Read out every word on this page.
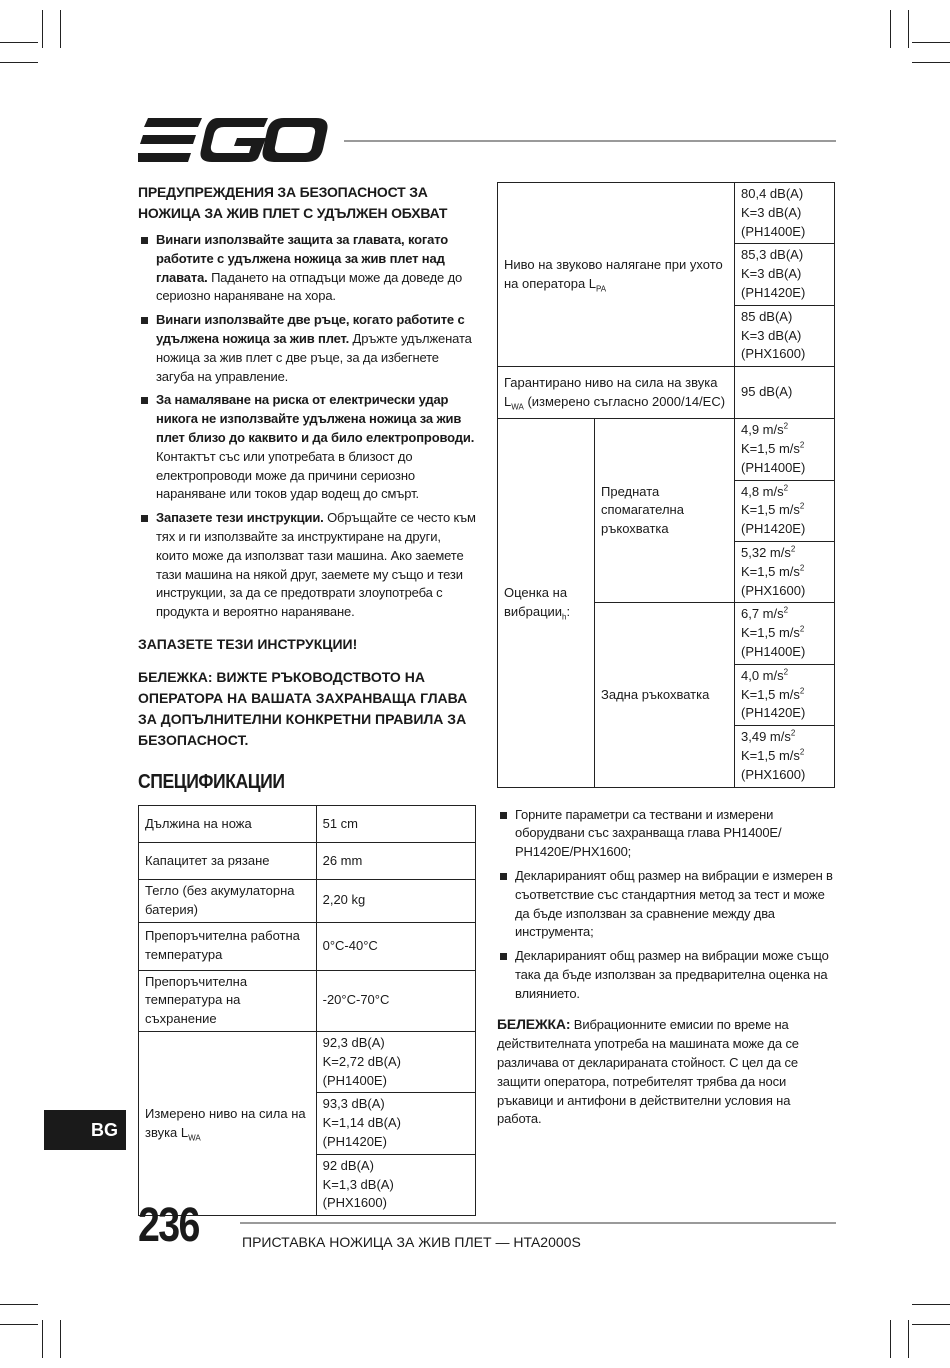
ПРЕДУПРЕЖДЕНИЯ ЗА БЕЗОПАСНОСТ ЗА НОЖИЦА ЗА ЖИВ ПЛЕТ С УДЪЛЖЕН ОБХВАТ
Винаги използвайте защита за главата, когато работите с удължена ножица за жив плет над главата. Падането на отпадъци може да доведе до сериозно нараняване на хора.
Винаги използвайте две ръце, когато работите с удължена ножица за жив плет. Дръжте удължената ножица за жив плет с две ръце, за да избегнете загуба на управление.
За намаляване на риска от електрически удар никога не използвайте удължена ножица за жив плет близо до каквито и да било електропроводи. Контактът със или употребата в близост до електропроводи може да причини сериозно нараняване или токов удар водещ до смърт.
Запазете тези инструкции. Обръщайте се често към тях и ги използвайте за инструктиране на други, които може да използват тази машина. Ако заемете тази машина на някой друг, заемете му също и тези инструкции, за да се предотврати злоупотреба с продукта и вероятно нараняване.
ЗАПАЗЕТЕ ТЕЗИ ИНСТРУКЦИИ!
БЕЛЕЖКА: ВИЖТЕ РЪКОВОДСТВОТО НА ОПЕРАТОРА НА ВАШАТА ЗАХРАНВАЩА ГЛАВА ЗА ДОПЪЛНИТЕЛНИ КОНКРЕТНИ ПРАВИЛА ЗА БЕЗОПАСНОСТ.
СПЕЦИФИКАЦИИ
Дължина на ножа	51 cm
Капацитет за рязане	26 mm
Тегло (без акумулаторна батерия)	2,20 kg
Препоръчителна работна температура	0°C-40°C
Препоръчителна температура на съхранение	-20°C-70°C
Измерено ниво на сила на звука $L_{WA}$	92,3 dB(A)
K=2,72 dB(A)
(PH1400E)

	93,3 dB(A)
K=1,14 dB(A)
(PH1420E)

	92 dB(A)
K=1,3 dB(A)
(PHX1600)
Ниво на звуково налягане при ухото на оператора $L_{PA}$		80,4 dB(A)
K=3 dB(A)
(PH1400E)

		85,3 dB(A)
K=3 dB(A)
(PH1420E)

		85 dB(A)
K=3 dB(A)
(PHX1600)

Гарантирано ниво на сила на звука $L_{WA}$ (измерено съгласно 2000/14/ЕС)		95 dB(A)
Оценка на вибрации$_h$:	Предната спомагателна ръкохватка	4,9 $m/s^2$
K=1,5 $m/s^2$
(PH1400E)

		4,8 $m/s^2$
K=1,5 $m/s^2$
(PH1420E)

		5,32 $m/s^2$
K=1,5 $m/s^2$
(PHX1600)

	Задна ръкохватка	6,7 $m/s^2$
K=1,5 $m/s^2$
(PH1400E)

		4,0 $m/s^2$
K=1,5 $m/s^2$
(PH1420E)

		3,49 $m/s^2$
K=1,5 $m/s^2$
(PHX1600)
Горните параметри са тествани и измерени оборудвани със захранваща глава PH1400E/ PH1420E/PHX1600;
Декларираният общ размер на вибрации е измерен в съответствие със стандартния метод за тест и може да бъде използван за сравнение между два инструмента;
Декларираният общ размер на вибрации може също така да бъде използван за предварителна оценка на влиянието.
БЕЛЕЖКА: Вибрационните емисии по време на действителната употреба на машината може да се различава от декларираната стойност. С цел да се защити оператора, потребителят трябва да носи ръкавици и антифони в действителни условия на работа.
BG
236	ПРИСТАВКА НОЖИЦА ЗА ЖИВ ПЛЕТ — HTA2000S
